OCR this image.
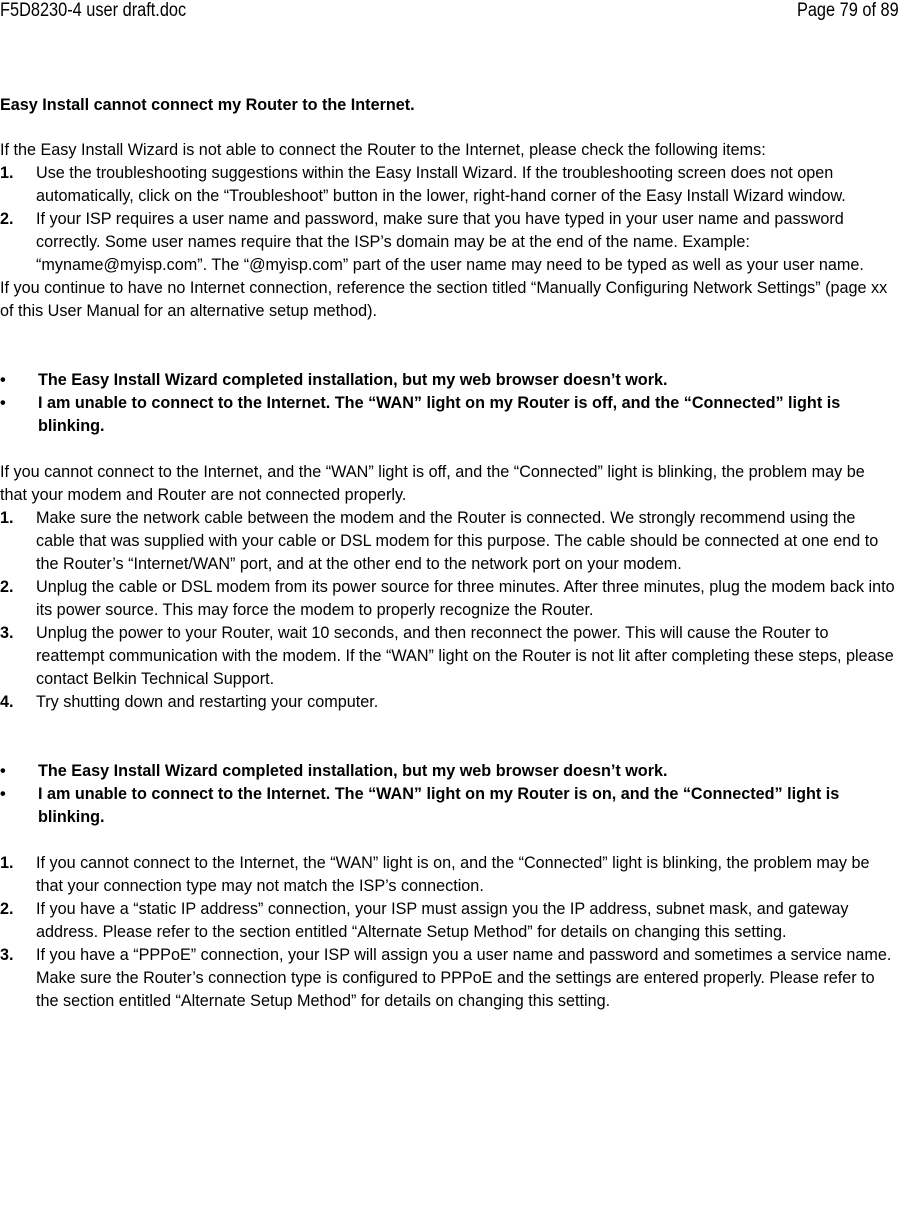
F5D8230-4 user draft.doc	Page 79 of 89
Easy Install cannot connect my Router to the Internet.

If the Easy Install Wizard is not able to connect the Router to the Internet, please check the following items:

1. Use the troubleshooting suggestions within the Easy Install Wizard. If the troubleshooting screen does not open automatically, click on the “Troubleshoot” button in the lower, right-hand corner of the Easy Install Wizard window.
2. If your ISP requires a user name and password, make sure that you have typed in your user name and password correctly. Some user names require that the ISP’s domain may be at the end of the name. Example: “myname@myisp.com”. The “@myisp.com” part of the user name may need to be typed as well as your user name.

If you continue to have no Internet connection, reference the section titled “Manually Configuring Network Settings” (page xx of this User Manual for an alternative setup method).

• The Easy Install Wizard completed installation, but my web browser doesn’t work.
• I am unable to connect to the Internet. The “WAN” light on my Router is off, and the “Connected” light is blinking.

If you cannot connect to the Internet, and the “WAN” light is off, and the “Connected” light is blinking, the problem may be that your modem and Router are not connected properly.

1. Make sure the network cable between the modem and the Router is connected. We strongly recommend using the cable that was supplied with your cable or DSL modem for this purpose. The cable should be connected at one end to the Router’s “Internet/WAN” port, and at the other end to the network port on your modem.
2. Unplug the cable or DSL modem from its power source for three minutes. After three minutes, plug the modem back into its power source. This may force the modem to properly recognize the Router.
3. Unplug the power to your Router, wait 10 seconds, and then reconnect the power. This will cause the Router to reattempt communication with the modem. If the “WAN” light on the Router is not lit after completing these steps, please contact Belkin Technical Support.
4. Try shutting down and restarting your computer.
• The Easy Install Wizard completed installation, but my web browser doesn’t work.
• I am unable to connect to the Internet. The “WAN” light on my Router is on, and the “Connected” light is blinking.
1. If you cannot connect to the Internet, the “WAN” light is on, and the “Connected” light is blinking, the problem may be that your connection type may not match the ISP’s connection.
2. If you have a “static IP address” connection, your ISP must assign you the IP address, subnet mask, and gateway address. Please refer to the section entitled “Alternate Setup Method” for details on changing this setting.
3. If you have a “PPPoE” connection, your ISP will assign you a user name and password and sometimes a service name. Make sure the Router’s connection type is configured to PPPoE and the settings are entered properly. Please refer to the section entitled “Alternate Setup Method” for details on changing this setting.
